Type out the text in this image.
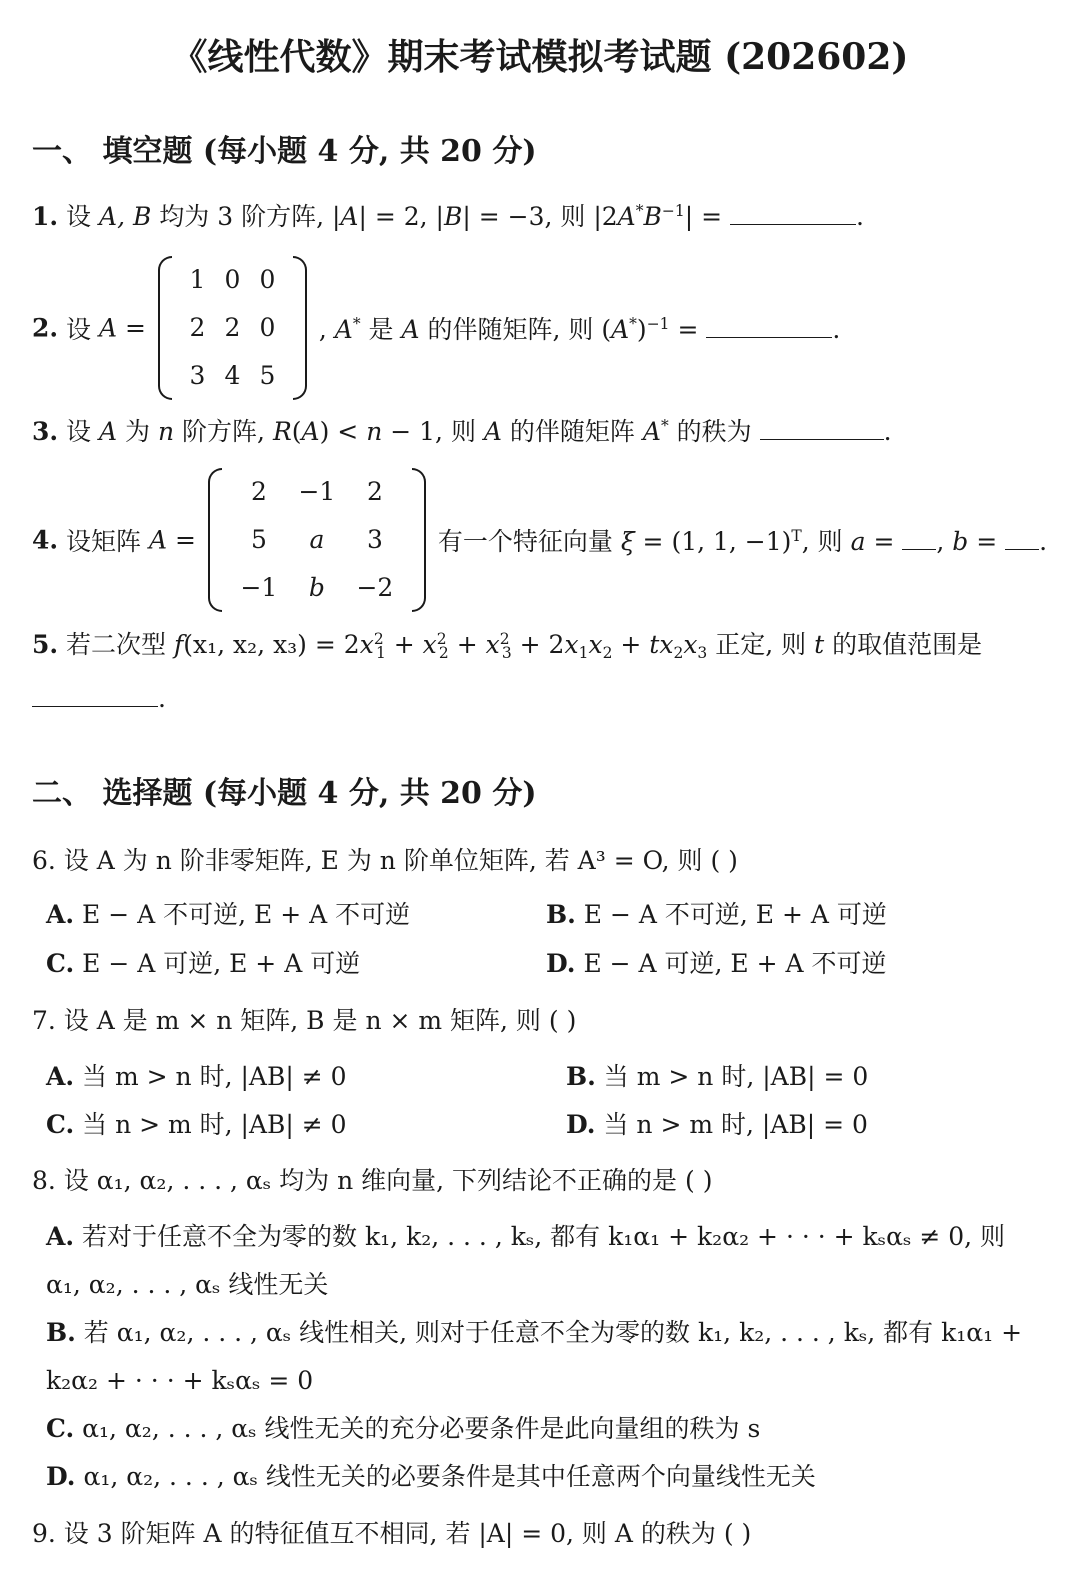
《线性代数》期末考试模拟考试题 (202602)
一、 填空题 (每小题 4 分, 共 20 分)
1. 设 A, B 均为 3 阶方阵, |A| = 2, |B| = −3, 则 $|2A^*B^{-1}|$ =	.
2. 设 A =
1 0 0
2 2 0
3 4 5
, A* 是 A 的伴随矩阵, 则 $(A^*)^{-1}$ =	.
3. 设 A 为 n 阶方阵, R(A) < n − 1, 则 A 的伴随矩阵 A* 的秩为	.
4. 设矩阵 A =
2	−1	2
5	a	3
−1	b	−2
有一个特征向量 ξ = (1, 1, −1)$^T$, 则 a = , b = .
5. 若二次型 f(x₁, x₂, $x_3) = 2x^2_1 + x^2_2 + x^2_3 + 2x_1x_2 + tx_2x_3$ 正定, 则 t 的取值范围是
.
二、 选择题 (每小题 4 分, 共 20 分)
6. 设 A 为 n 阶非零矩阵, E 为 n 阶单位矩阵, 若 A³ = O, 则 ( )
A. E − A 不可逆, E + A 不可逆	B. E − A 不可逆, E + A 可逆
C. E − A 可逆, E + A 可逆	D. E − A 可逆, E + A 不可逆
7. 设 A 是 m × n 矩阵, B 是 n × m 矩阵, 则 ( )
A. 当 m > n 时, |AB| ≠ 0	B. 当 m > n 时, |AB| = 0
C. 当 n > m 时, |AB| ≠ 0	D. 当 n > m 时, |AB| = 0
8. 设 α₁, α₂, . . . , αₛ 均为 n 维向量, 下列结论不正确的是 ( )
A. 若对于任意不全为零的数 k₁, k₂, . . . , kₛ, 都有 k₁α₁ + k₂α₂ + · · · + kₛαₛ ≠ 0, 则
α₁, α₂, . . . , αₛ 线性无关
B. 若 α₁, α₂, . . . , αₛ 线性相关, 则对于任意不全为零的数 k₁, k₂, . . . , kₛ, 都有 k₁α₁ +
k₂α₂ + · · · + kₛαₛ = 0
C. α₁, α₂, . . . , αₛ 线性无关的充分必要条件是此向量组的秩为 s
D. α₁, α₂, . . . , αₛ 线性无关的必要条件是其中任意两个向量线性无关
9. 设 3 阶矩阵 A 的特征值互不相同, 若 |A| = 0, 则 A 的秩为 ( )
